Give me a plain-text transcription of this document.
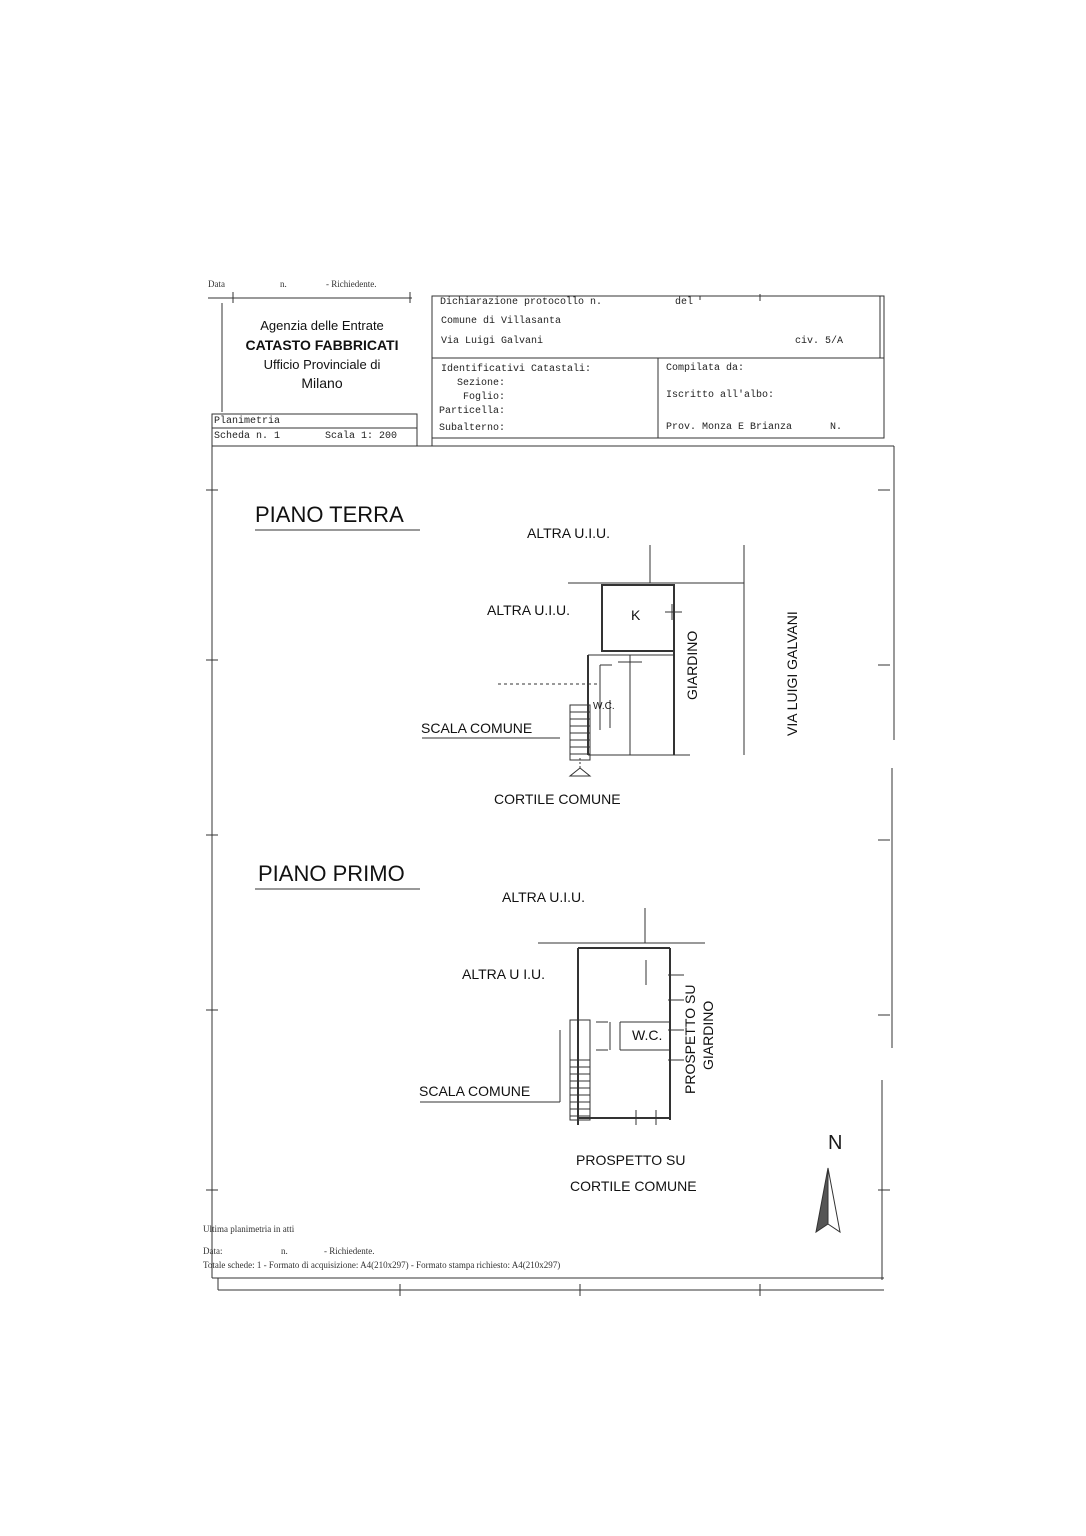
Data	n.	- Richiedente.
Agenzia delle Entrate
CATASTO FABBRICATI
Ufficio Provinciale di
Milano
Dichiarazione protocollo n.	del
Comune di Villasanta
Via Luigi Galvani	civ. 5/A
Identificativi Catastali:
Sezione:
Foglio:
Particella:
Subalterno:
Compilata da:
Iscritto all'albo:
Prov. Monza E Brianza	N.
Planimetria
Scheda n. 1	Scala 1: 200
PIANO TERRA
ALTRA U.I.U.
ALTRA U.I.U.	K
W.C.
SCALA COMUNE
GIARDINO	VIA LUIGI GALVANI
CORTILE COMUNE
PIANO PRIMO
ALTRA U.I.U.
ALTRA U I.U.
W.C.
SCALA COMUNE	PROSPETTO SU GIARDINO
PROSPETTO SU
CORTILE COMUNE
N
Ultima planimetria in atti
Data:	n.	- Richiedente.
Totale schede: 1 - Formato di acquisizione: A4(210x297) - Formato stampa richiesto: A4(210x297)
